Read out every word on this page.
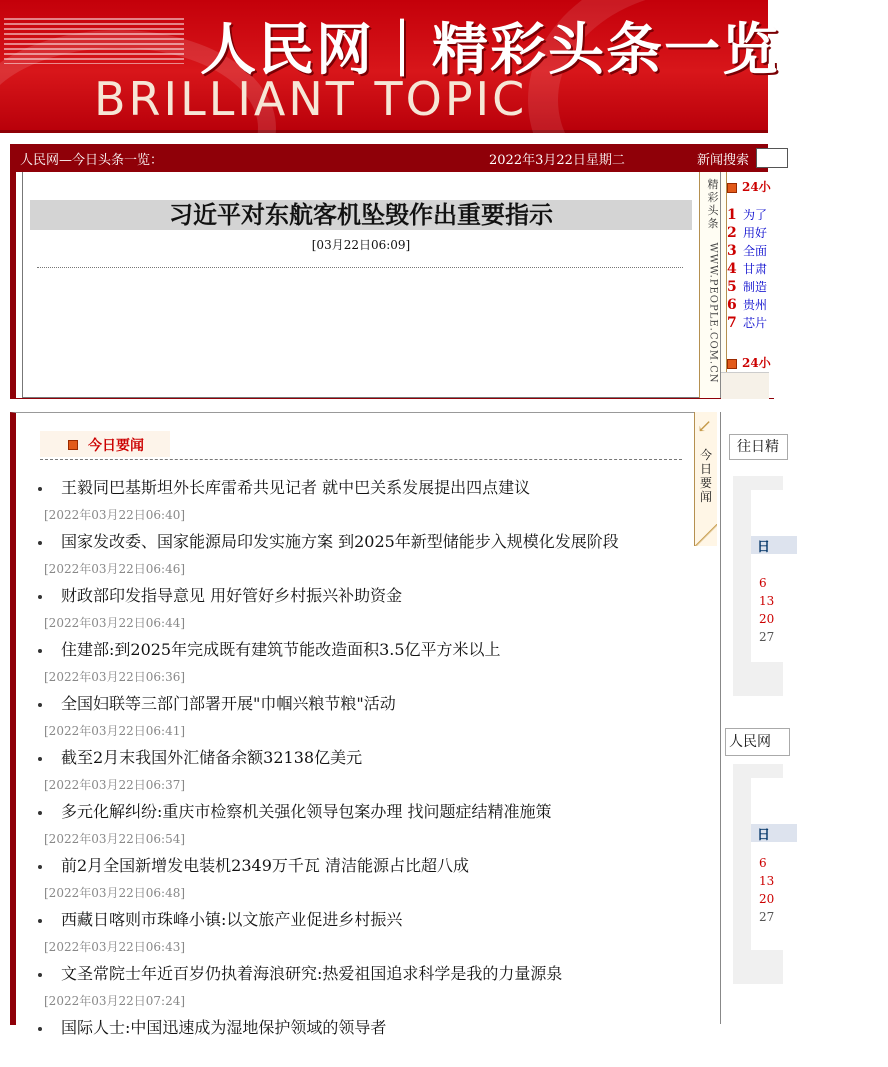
人民网｜精彩头条一览
BRILLIANT TOPIC
人民网—今日头条一览：	2022年3月22日星期二	新闻搜索
习近平对东航客机坠毁作出重要指示
[03月22日06:09]
精彩头条
WWW.PEOPLE.COM.CN
24小
1 为了
2 用好
3 全面
4 甘肃
5 制造
6 贵州
7 芯片
24小
今日要闻
王毅同巴基斯坦外长库雷希共见记者 就中巴关系发展提出四点建议
[2022年03月22日06:40]
国家发改委、国家能源局印发实施方案 到2025年新型储能步入规模化发展阶段
[2022年03月22日06:46]
财政部印发指导意见 用好管好乡村振兴补助资金
[2022年03月22日06:44]
住建部:到2025年完成既有建筑节能改造面积3.5亿平方米以上
[2022年03月22日06:36]
全国妇联等三部门部署开展"巾帼兴粮节粮"活动
[2022年03月22日06:41]
截至2月末我国外汇储备余额32138亿美元
[2022年03月22日06:37]
多元化解纠纷:重庆市检察机关强化领导包案办理 找问题症结精准施策
[2022年03月22日06:54]
前2月全国新增发电装机2349万千瓦 清洁能源占比超八成
[2022年03月22日06:48]
西藏日喀则市珠峰小镇:以文旅产业促进乡村振兴
[2022年03月22日06:43]
文圣常院士年近百岁仍执着海浪研究:热爱祖国追求科学是我的力量源泉
[2022年03月22日07:24]
国际人士:中国迅速成为湿地保护领域的领导者
↙
今日要闻
往日精
日
6
13
20
27
人民网
日
6
13
20
27
